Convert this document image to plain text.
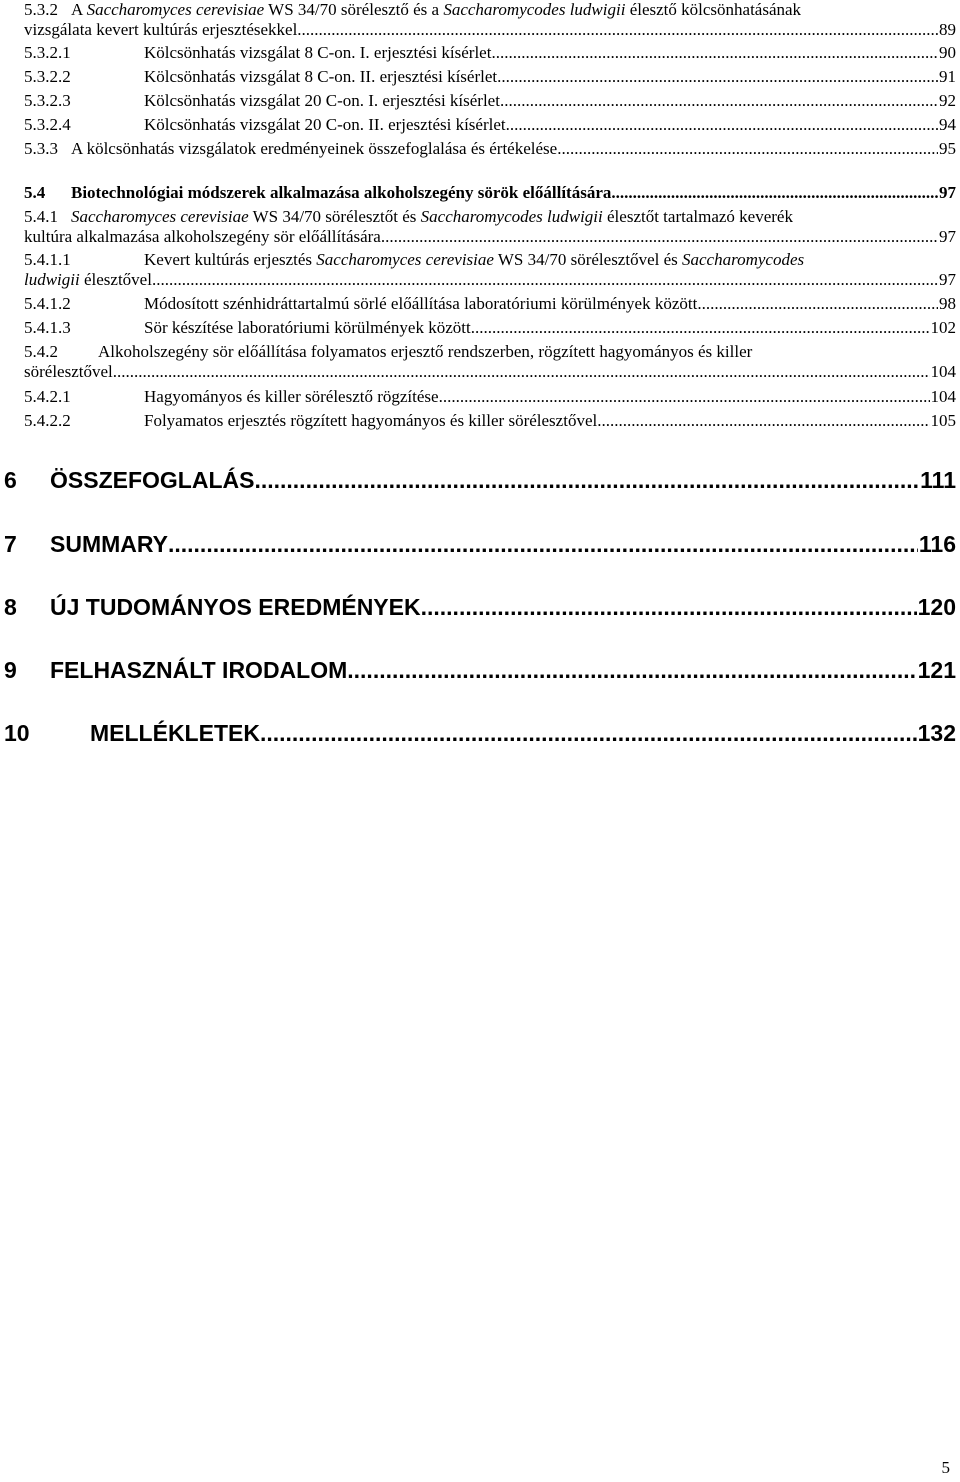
5.3.2 A Saccharomyces cerevisiae WS 34/70 sörélesztő és a Saccharomycodes ludwigii élesztő kölcsönhatásának
vizsgálata kevert kultúrás erjesztésekkel .....	89
5.3.2.1	Kölcsönhatás vizsgálat 8 C-on. I. erjesztési kísérlet .....	90
5.3.2.2	Kölcsönhatás vizsgálat 8 C-on. II. erjesztési kísérlet .....	91
5.3.2.3	Kölcsönhatás vizsgálat 20 C-on. I. erjesztési kísérlet .....	92
5.3.2.4	Kölcsönhatás vizsgálat 20 C-on. II. erjesztési kísérlet .....	94
5.3.3 A kölcsönhatás vizsgálatok eredményeinek összefoglalása és értékelése .....	95
5.4	Biotechnológiai módszerek alkalmazása alkoholszegény sörök előállítására .....	97
5.4.1 Saccharomyces cerevisiae WS 34/70 sörélesztőt és Saccharomycodes ludwigii élesztőt tartalmazó keverék
kultúra alkalmazása alkoholszegény sör előállítására .....	97
5.4.1.1	Kevert kultúrás erjesztés Saccharomyces cerevisiae WS 34/70 sörélesztővel és Saccharomycodes
ludwigii élesztővel .....	97
5.4.1.2	Módosított szénhidráttartalmú sörlé előállítása laboratóriumi körülmények között .....	98
5.4.1.3	Sör készítése laboratóriumi körülmények között .....	102
5.4.2	Alkoholszegény sör előállítása folyamatos erjesztő rendszerben, rögzített hagyományos és killer
sörélesztővel .....	104
5.4.2.1	Hagyományos és killer sörélesztő rögzítése .....	104
5.4.2.2	Folyamatos erjesztés rögzített hagyományos és killer sörélesztővel .....	105
6	ÖSSZEFOGLALÁS .....	111
7	SUMMARY .....	116
8	ÚJ TUDOMÁNYOS EREDMÉNYEK .....	120
9	FELHASZNÁLT IRODALOM .....	121
10	MELLÉKLETEK .....	132
5
